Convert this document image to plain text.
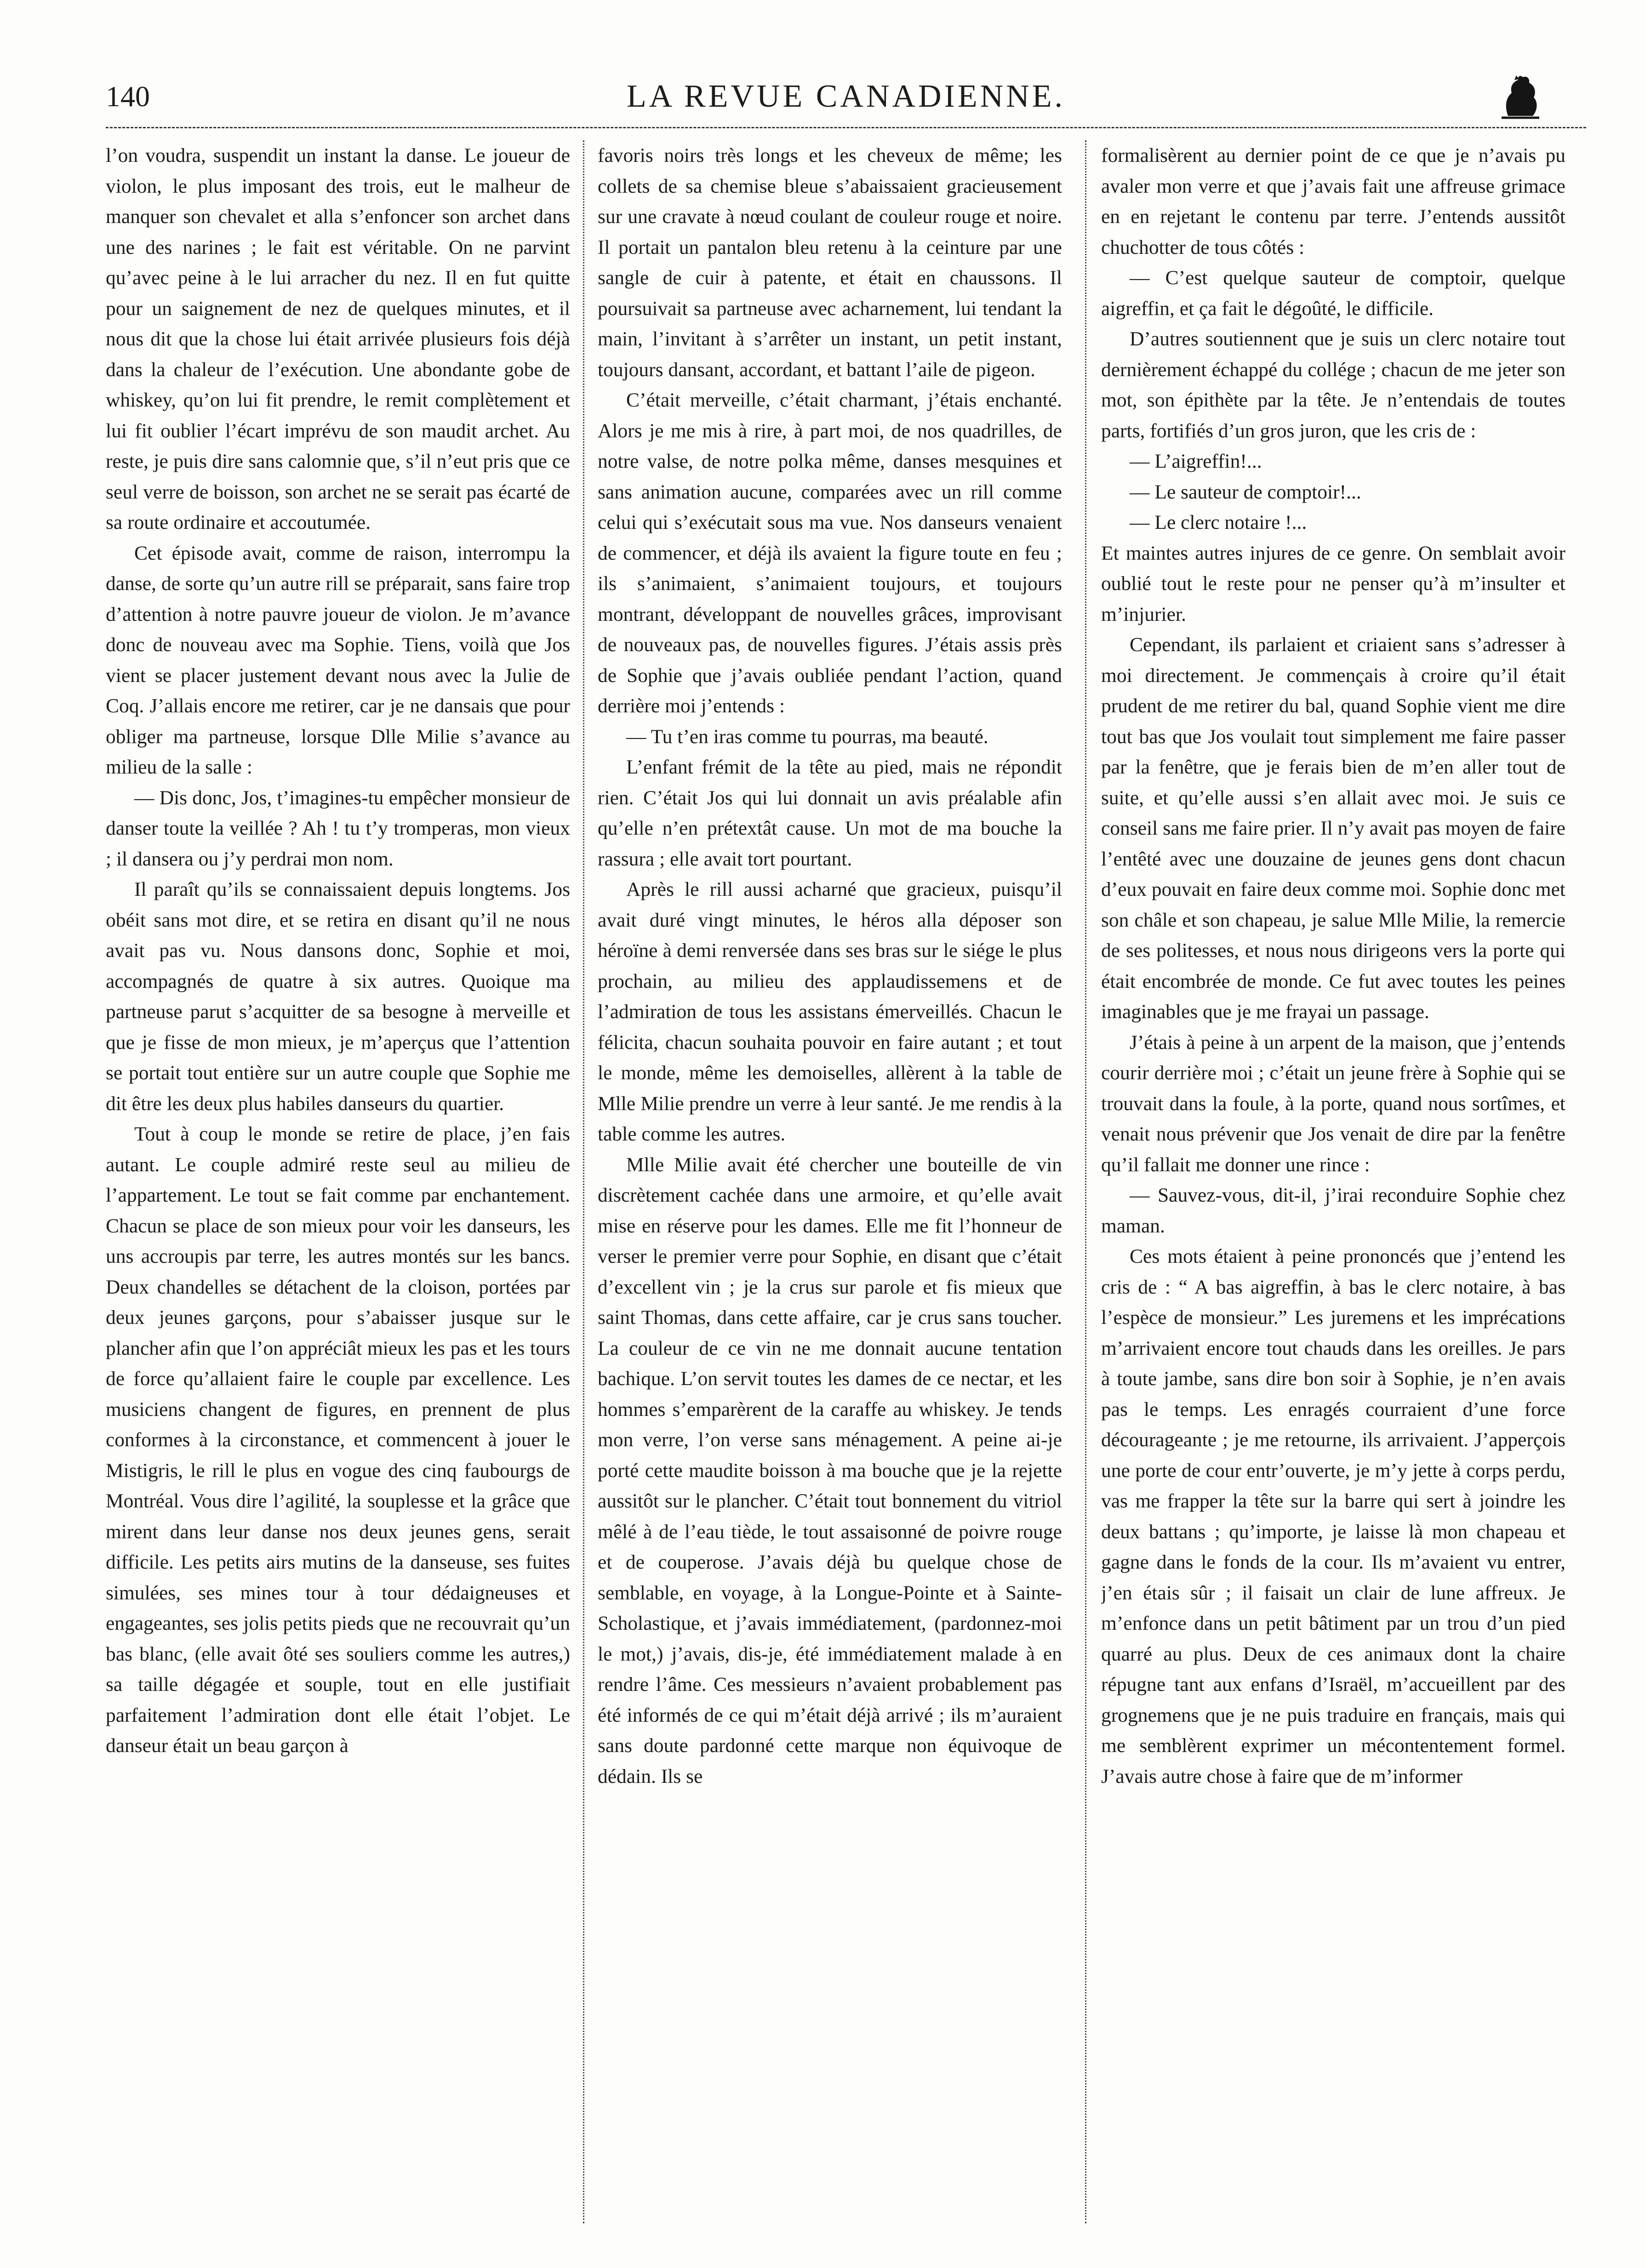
140	LA REVUE CANADIENNE.

l’on voudra, suspendit un instant la danse. Le joueur de violon, le plus imposant des trois, eut le malheur de manquer son chevalet et alla s’enfoncer son archet dans une des narines ; le fait est véritable. On ne parvint qu’avec peine à le lui arracher du nez. Il en fut quitte pour un saignement de nez de quelques minutes, et il nous dit que la chose lui était arrivée plusieurs fois déjà dans la chaleur de l’exécution. Une abondante gobe de whiskey, qu’on lui fit prendre, le remit complètement et lui fit oublier l’écart imprévu de son maudit archet. Au reste, je puis dire sans calomnie que, s’il n’eut pris que ce seul verre de boisson, son archet ne se serait pas écarté de sa route ordinaire et accoutumée.

Cet épisode avait, comme de raison, interrompu la danse, de sorte qu’un autre rill se préparait, sans faire trop d’attention à notre pauvre joueur de violon. Je m’avance donc de nouveau avec ma Sophie. Tiens, voilà que Jos vient se placer justement devant nous avec la Julie de Coq. J’allais encore me retirer, car je ne dansais que pour obliger ma partneuse, lorsque Dlle Milie s’avance au milieu de la salle :

— Dis donc, Jos, t’imagines-tu empêcher monsieur de danser toute la veillée ? Ah ! tu t’y tromperas, mon vieux ; il dansera ou j’y perdrai mon nom.

Il paraît qu’ils se connaissaient depuis longtems. Jos obéit sans mot dire, et se retira en disant qu’il ne nous avait pas vu. Nous dansons donc, Sophie et moi, accompagnés de quatre à six autres. Quoique ma partneuse parut s’acquitter de sa besogne à merveille et que je fisse de mon mieux, je m’aperçus que l’attention se portait tout entière sur un autre couple que Sophie me dit être les deux plus habiles danseurs du quartier.

Tout à coup le monde se retire de place, j’en fais autant. Le couple admiré reste seul au milieu de l’appartement. Le tout se fait comme par enchantement. Chacun se place de son mieux pour voir les danseurs, les uns accroupis par terre, les autres montés sur les bancs. Deux chandelles se détachent de la cloison, portées par deux jeunes garçons, pour s’abaisser jusque sur le plancher afin que l’on appréciât mieux les pas et les tours de force qu’allaient faire le couple par excellence. Les musiciens changent de figures, en prennent de plus conformes à la circonstance, et commencent à jouer le Mistigris, le rill le plus en vogue des cinq faubourgs de Montréal. Vous dire l’agilité, la souplesse et la grâce que mirent dans leur danse nos deux jeunes gens, serait difficile. Les petits airs mutins de la danseuse, ses fuites simulées, ses mines tour à tour dédaigneuses et engageantes, ses jolis petits pieds que ne recouvrait qu’un bas blanc, (elle avait ôté ses souliers comme les autres,) sa taille dégagée et souple, tout en elle justifiait parfaitement l’admiration dont elle était l’objet. Le danseur était un beau garçon à

favoris noirs très longs et les cheveux de même; les collets de sa chemise bleue s’abaissaient gracieusement sur une cravate à nœud coulant de couleur rouge et noire. Il portait un pantalon bleu retenu à la ceinture par une sangle de cuir à patente, et était en chaussons. Il poursuivait sa partneuse avec acharnement, lui tendant la main, l’invitant à s’arrêter un instant, un petit instant, toujours dansant, accordant, et battant l’aile de pigeon.

C’était merveille, c’était charmant, j’étais enchanté. Alors je me mis à rire, à part moi, de nos quadrilles, de notre valse, de notre polka même, danses mesquines et sans animation aucune, comparées avec un rill comme celui qui s’exécutait sous ma vue. Nos danseurs venaient de commencer, et déjà ils avaient la figure toute en feu ; ils s’animaient, s’animaient toujours, et toujours montrant, développant de nouvelles grâces, improvisant de nouveaux pas, de nouvelles figures. J’étais assis près de Sophie que j’avais oubliée pendant l’action, quand derrière moi j’entends :

— Tu t’en iras comme tu pourras, ma beauté.

L’enfant frémit de la tête au pied, mais ne répondit rien. C’était Jos qui lui donnait un avis préalable afin qu’elle n’en prétextât cause. Un mot de ma bouche la rassura ; elle avait tort pourtant.

Après le rill aussi acharné que gracieux, puisqu’il avait duré vingt minutes, le héros alla déposer son héroïne à demi renversée dans ses bras sur le siége le plus prochain, au milieu des applaudissemens et de l’admiration de tous les assistans émerveillés. Chacun le félicita, chacun souhaita pouvoir en faire autant ; et tout le monde, même les demoiselles, allèrent à la table de Mlle Milie prendre un verre à leur santé. Je me rendis à la table comme les autres.

Mlle Milie avait été chercher une bouteille de vin discrètement cachée dans une armoire, et qu’elle avait mise en réserve pour les dames. Elle me fit l’honneur de verser le premier verre pour Sophie, en disant que c’était d’excellent vin ; je la crus sur parole et fis mieux que saint Thomas, dans cette affaire, car je crus sans toucher. La couleur de ce vin ne me donnait aucune tentation bachique. L’on servit toutes les dames de ce nectar, et les hommes s’emparèrent de la caraffe au whiskey. Je tends mon verre, l’on verse sans ménagement. A peine ai-je porté cette maudite boisson à ma bouche que je la rejette aussitôt sur le plancher. C’était tout bonnement du vitriol mêlé à de l’eau tiède, le tout assaisonné de poivre rouge et de couperose. J’avais déjà bu quelque chose de semblable, en voyage, à la Longue-Pointe et à Sainte-Scholastique, et j’avais immédiatement, (pardonnez-moi le mot,) j’avais, dis-je, été immédiatement malade à en rendre l’âme. Ces messieurs n’avaient probablement pas été informés de ce qui m’était déjà arrivé ; ils m’auraient sans doute pardonné cette marque non équivoque de dédain. Ils se

formalisèrent au dernier point de ce que je n’avais pu avaler mon verre et que j’avais fait une affreuse grimace en en rejetant le contenu par terre. J’entends aussitôt chuchotter de tous côtés :

— C’est quelque sauteur de comptoir, quelque aigreffin, et ça fait le dégoûté, le difficile.

D’autres soutiennent que je suis un clerc notaire tout dernièrement échappé du collége ; chacun de me jeter son mot, son épithète par la tête. Je n’entendais de toutes parts, fortifiés d’un gros juron, que les cris de :

— L’aigreffin!...

— Le sauteur de comptoir!...

— Le clerc notaire !...

Et maintes autres injures de ce genre. On semblait avoir oublié tout le reste pour ne penser qu’à m’insulter et m’injurier.

Cependant, ils parlaient et criaient sans s’adresser à moi directement. Je commençais à croire qu’il était prudent de me retirer du bal, quand Sophie vient me dire tout bas que Jos voulait tout simplement me faire passer par la fenêtre, que je ferais bien de m’en aller tout de suite, et qu’elle aussi s’en allait avec moi. Je suis ce conseil sans me faire prier. Il n’y avait pas moyen de faire l’entêté avec une douzaine de jeunes gens dont chacun d’eux pouvait en faire deux comme moi. Sophie donc met son châle et son chapeau, je salue Mlle Milie, la remercie de ses politesses, et nous nous dirigeons vers la porte qui était encombrée de monde. Ce fut avec toutes les peines imaginables que je me frayai un passage.

J’étais à peine à un arpent de la maison, que j’entends courir derrière moi ; c’était un jeune frère à Sophie qui se trouvait dans la foule, à la porte, quand nous sortîmes, et venait nous prévenir que Jos venait de dire par la fenêtre qu’il fallait me donner une rince :

— Sauvez-vous, dit-il, j’irai reconduire Sophie chez maman.

Ces mots étaient à peine prononcés que j’entend les cris de : “ A bas aigreffin, à bas le clerc notaire, à bas l’espèce de monsieur.” Les juremens et les imprécations m’arrivaient encore tout chauds dans les oreilles. Je pars à toute jambe, sans dire bon soir à Sophie, je n’en avais pas le temps. Les enragés courraient d’une force décourageante ; je me retourne, ils arrivaient. J’apperçois une porte de cour entr’ouverte, je m’y jette à corps perdu, vas me frapper la tête sur la barre qui sert à joindre les deux battans ; qu’importe, je laisse là mon chapeau et gagne dans le fonds de la cour. Ils m’avaient vu entrer, j’en étais sûr ; il faisait un clair de lune affreux. Je m’enfonce dans un petit bâtiment par un trou d’un pied quarré au plus. Deux de ces animaux dont la chaire répugne tant aux enfans d’Israël, m’accueillent par des grognemens que je ne puis traduire en français, mais qui me semblèrent exprimer un mécontentement formel. J’avais autre chose à faire que de m’informer
